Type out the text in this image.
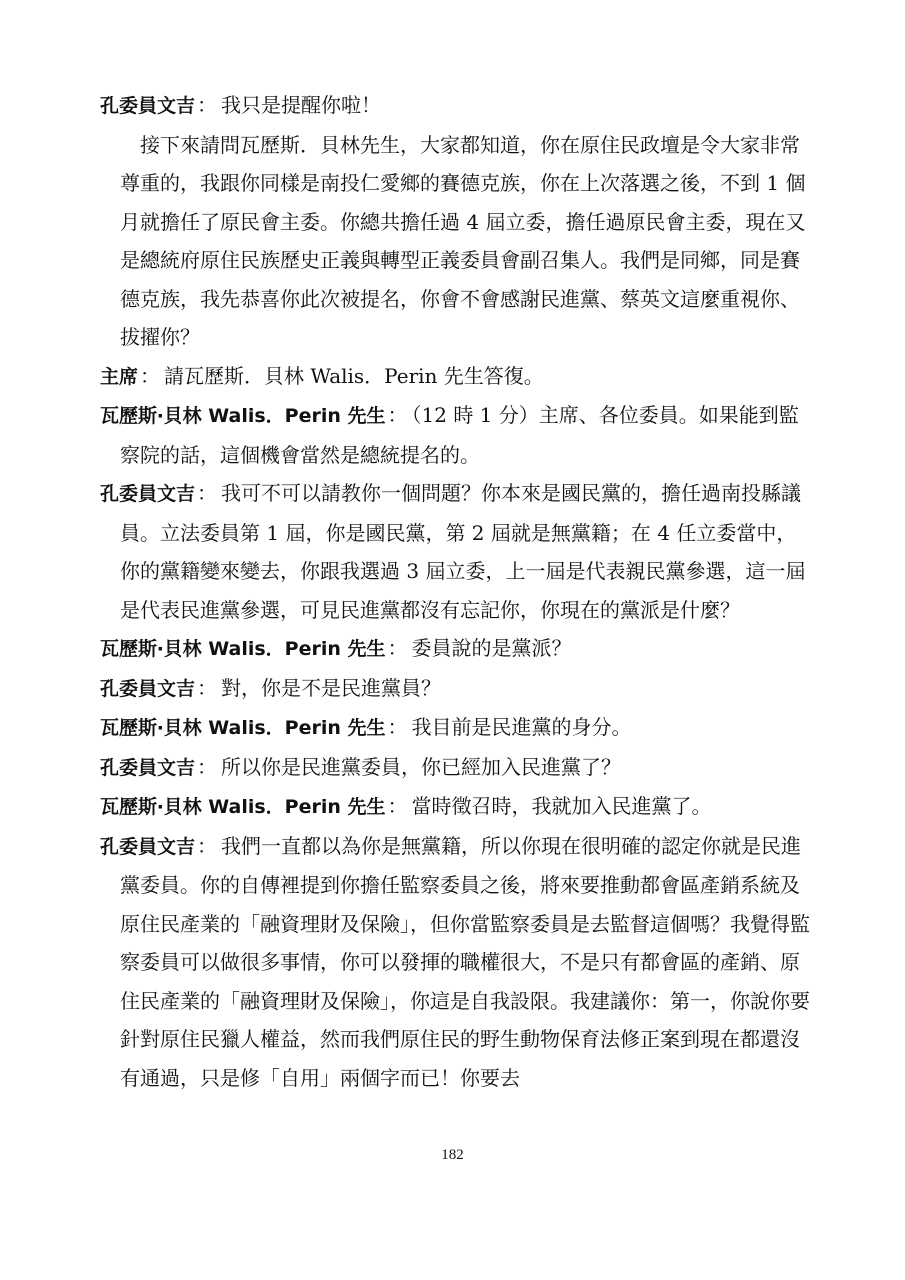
孔委員文吉 ： 我只是提醒你啦！

接下來請問瓦歷斯．貝林先生，大家都知道，你在原住民政壇是令大家非常尊重的，我跟你同樣是南投仁愛鄉的賽德克族，你在上次落選之後，不到 1 個月就擔任了原民會主委。你總共擔任過 4 屆立委，擔任過原民會主委，現在又是總統府原住民族歷史正義與轉型正義委員會副召集人。我們是同鄉，同是賽德克族，我先恭喜你此次被提名，你會不會感謝民進黨、蔡英文這麼重視你、拔擢你？

主席 ： 請瓦歷斯．貝林 Walis．Perin 先生答復。

瓦歷斯‧貝林 Walis．Perin 先生 ： （12 時 1 分）主席、各位委員。如果能到監察院的話，這個機會當然是總統提名的。

孔委員文吉 ： 我可不可以請教你一個問題？你本來是國民黨的，擔任過南投縣議員。立法委員第 1 屆，你是國民黨，第 2 屆就是無黨籍；在 4 任立委當中，你的黨籍變來變去，你跟我選過 3 屆立委，上一屆是代表親民黨參選，這一屆是代表民進黨參選，可見民進黨都沒有忘記你，你現在的黨派是什麼？

瓦歷斯‧貝林 Walis．Perin 先生 ： 委員說的是黨派？

孔委員文吉 ： 對，你是不是民進黨員？

瓦歷斯‧貝林 Walis．Perin 先生 ： 我目前是民進黨的身分。

孔委員文吉 ： 所以你是民進黨委員，你已經加入民進黨了？

瓦歷斯‧貝林 Walis．Perin 先生 ： 當時徵召時，我就加入民進黨了。

孔委員文吉 ： 我們一直都以為你是無黨籍，所以你現在很明確的認定你就是民進黨委員。你的自傳裡提到你擔任監察委員之後，將來要推動都會區產銷系統及原住民產業的「融資理財及保險」，但你當監察委員是去監督這個嗎？我覺得監察委員可以做很多事情，你可以發揮的職權很大，不是只有都會區的產銷、原住民產業的「融資理財及保險」，你這是自我設限。我建議你：第一，你說你要針對原住民獵人權益，然而我們原住民的野生動物保育法修正案到現在都還沒有通過，只是修「自用」兩個字而已！你要去

182
